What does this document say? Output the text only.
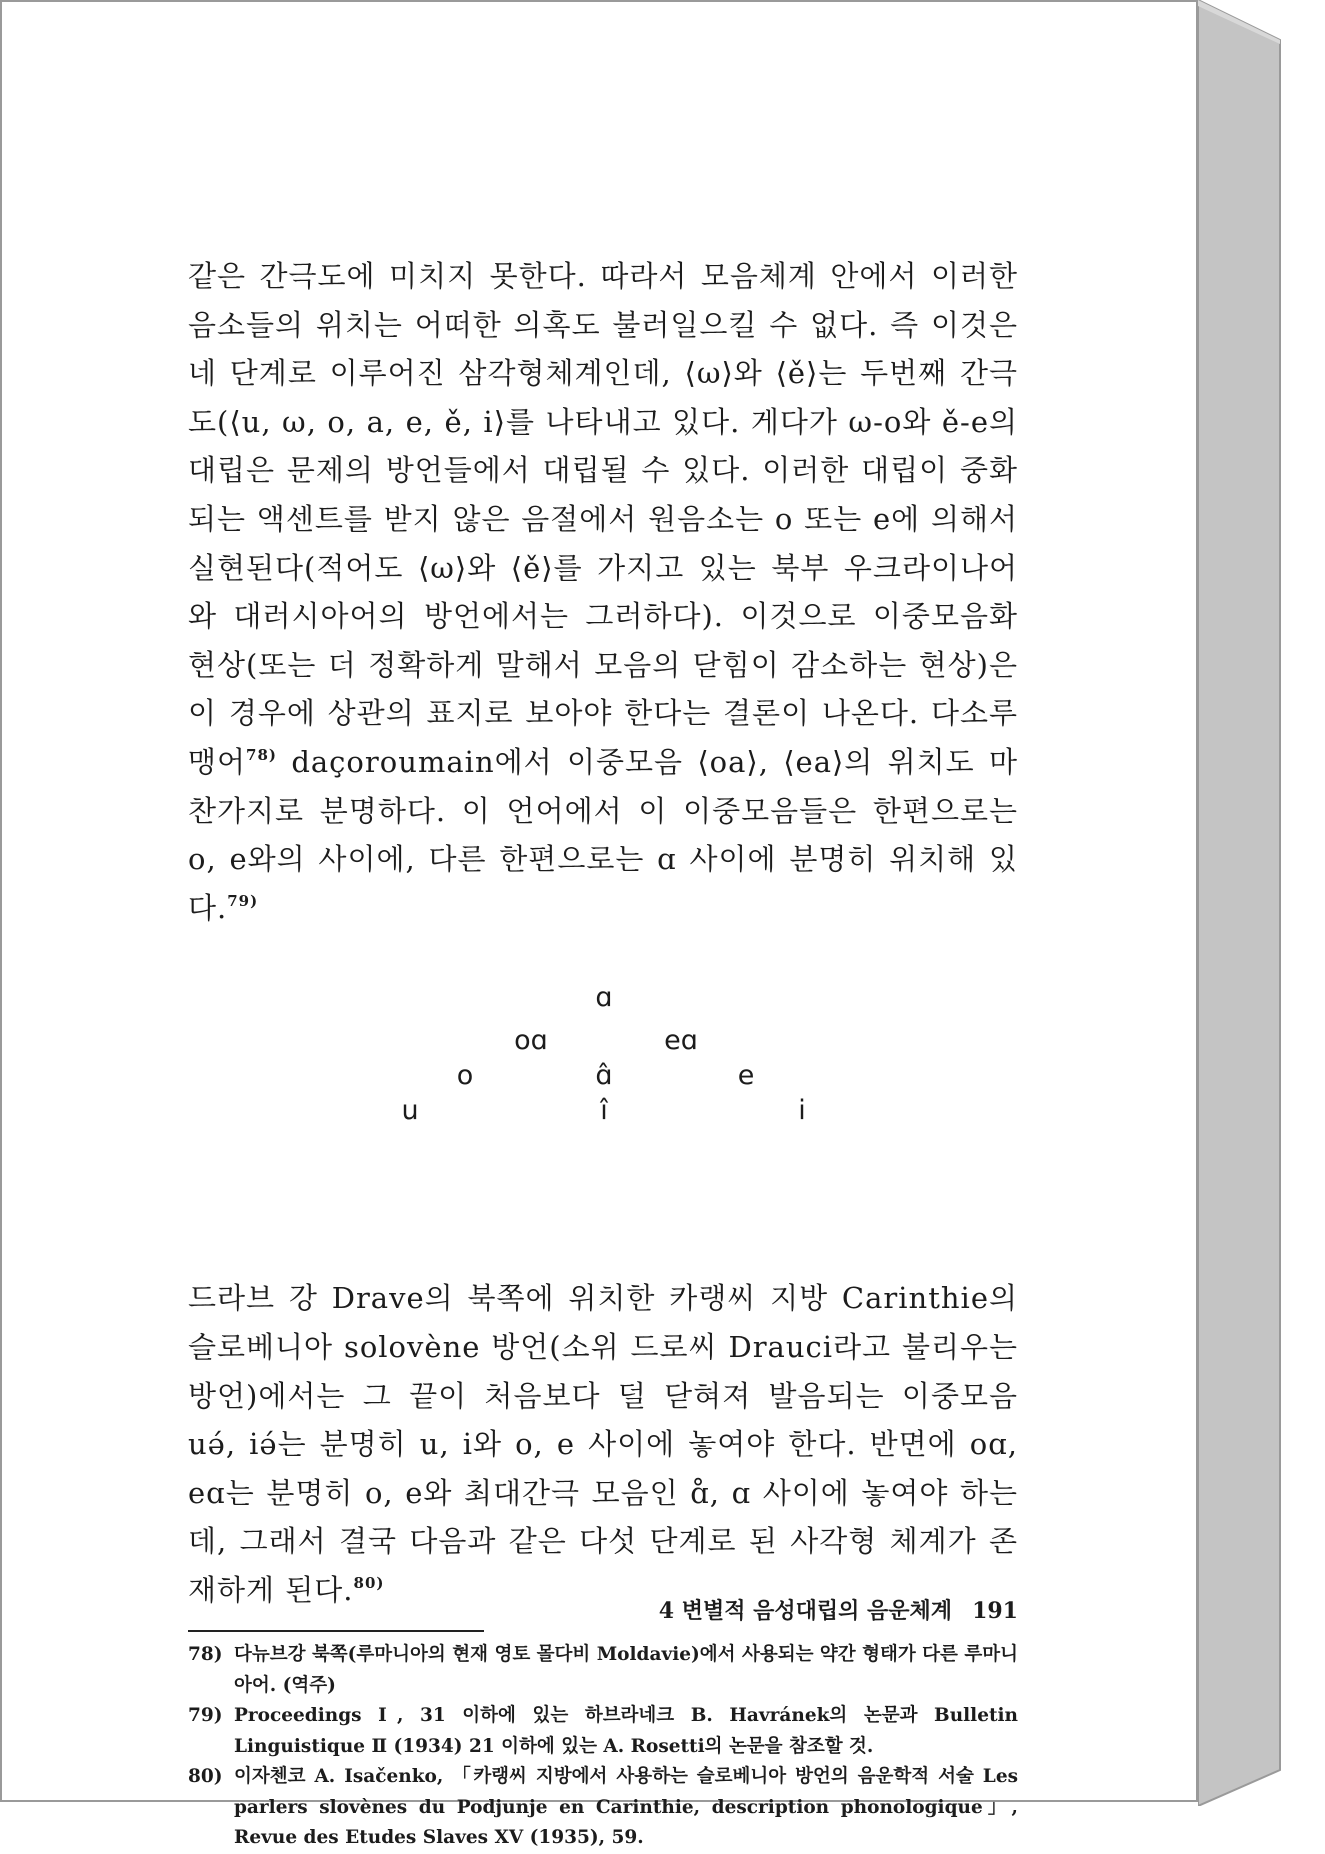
같은 간극도에 미치지 못한다. 따라서 모음체계 안에서 이러한 음소들의 위치는 어떠한 의혹도 불러일으킬 수 없다. 즉 이것은 네 단계로 이루어진 삼각형체계인데, ⟨ω⟩와 ⟨ě⟩는 두번째 간극도(⟨u, ω, o, a, e, ě, i⟩를 나타내고 있다. 게다가 ω-o와 ě-e의 대립은 문제의 방언들에서 대립될 수 있다. 이러한 대립이 중화되는 액센트를 받지 않은 음절에서 원음소는 o 또는 e에 의해서 실현된다(적어도 ⟨ω⟩와 ⟨ě⟩를 가지고 있는 북부 우크라이나어와 대러시아어의 방언에서는 그러하다). 이것으로 이중모음화 현상(또는 더 정확하게 말해서 모음의 닫힘이 감소하는 현상)은 이 경우에 상관의 표지로 보아야 한다는 결론이 나온다. 다소루맹어$^{78)}$ daçoroumain에서 이중모음 ⟨oa⟩, ⟨ea⟩의 위치도 마찬가지로 분명하다. 이 언어에서 이 이중모음들은 한편으로는 o, e와의 사이에, 다른 한편으로는 ɑ 사이에 분명히 위치해 있다.$^{79)}$

ɑ
oɑ	eɑ
o	ɑ̂	e
u	î	i

드라브 강 Drave의 북쪽에 위치한 카랭씨 지방 Carinthie의 슬로베니아 solovène 방언(소위 드로씨 Drauci라고 불리우는 방언)에서는 그 끝이 처음보다 덜 닫혀져 발음되는 이중모음 uə́, iə́는 분명히 u, i와 o, e 사이에 놓여야 한다. 반면에 oɑ, eɑ는 분명히 o, e와 최대간극 모음인 ɑ̊, ɑ 사이에 놓여야 하는데, 그래서 결국 다음과 같은 다섯 단계로 된 사각형 체계가 존재하게 된다.$^{80)}$

78) 다뉴브강 북쪽(루마니아의 현재 영토 몰다비 Moldavie)에서 사용되는 약간 형태가 다른 루마니아어. (역주)
79) Proceedings Ⅰ, 31 이하에 있는 하브라네크 B. Havránek의 논문과 Bulletin Linguistique Ⅱ (1934) 21 이하에 있는 A. Rosetti의 논문을 참조할 것.
80) 이자첸코 A. Isačenko, 「카랭씨 지방에서 사용하는 슬로베니아 방언의 음운학적 서술 Les parlers slovènes du Podjunje en Carinthie, description phonologique」, Revue des Etudes Slaves XV (1935), 59.
4 변별적 음성대립의 음운체계 191
